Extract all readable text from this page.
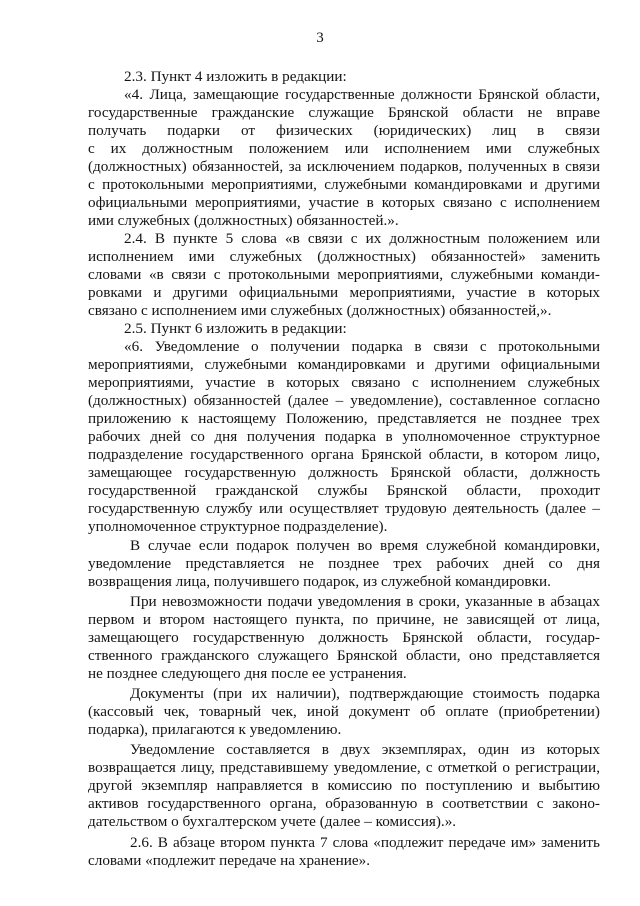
3
2.3. Пункт 4 изложить в редакции:
«4. Лица, замещающие государственные должности Брянской области,
государственные гражданские служащие Брянской области не вправе
получать подарки от физических (юридических) лиц в связи
с их должностным положением или исполнением ими служебных
(должностных) обязанностей, за исключением подарков, полученных в связи
с протокольными мероприятиями, служебными командировками и другими
официальными мероприятиями, участие в которых связано с исполнением
ими служебных (должностных) обязанностей.».
2.4. В пункте 5 слова «в связи с их должностным положением или
исполнением ими служебных (должностных) обязанностей» заменить
словами «в связи с протокольными мероприятиями, служебными команди-
ровками и другими официальными мероприятиями, участие в которых
связано с исполнением ими служебных (должностных) обязанностей,».
2.5. Пункт 6 изложить в редакции:
«6. Уведомление о получении подарка в связи с протокольными
мероприятиями, служебными командировками и другими официальными
мероприятиями, участие в которых связано с исполнением служебных
(должностных) обязанностей (далее – уведомление), составленное согласно
приложению к настоящему Положению, представляется не позднее трех
рабочих дней со дня получения подарка в уполномоченное структурное
подразделение государственного органа Брянской области, в котором лицо,
замещающее государственную должность Брянской области, должность
государственной гражданской службы Брянской области, проходит
государственную службу или осуществляет трудовую деятельность (далее –
уполномоченное структурное подразделение).
В случае если подарок получен во время служебной командировки,
уведомление представляется не позднее трех рабочих дней со дня
возвращения лица, получившего подарок, из служебной командировки.
При невозможности подачи уведомления в сроки, указанные в абзацах
первом и втором настоящего пункта, по причине, не зависящей от лица,
замещающего государственную должность Брянской области, государ-
ственного гражданского служащего Брянской области, оно представляется
не позднее следующего дня после ее устранения.
Документы (при их наличии), подтверждающие стоимость подарка
(кассовый чек, товарный чек, иной документ об оплате (приобретении)
подарка), прилагаются к уведомлению.
Уведомление составляется в двух экземплярах, один из которых
возвращается лицу, представившему уведомление, с отметкой о регистрации,
другой экземпляр направляется в комиссию по поступлению и выбытию
активов государственного органа, образованную в соответствии с законо-
дательством о бухгалтерском учете (далее – комиссия).».
2.6. В абзаце втором пункта 7 слова «подлежит передаче им» заменить
словами «подлежит передаче на хранение».
